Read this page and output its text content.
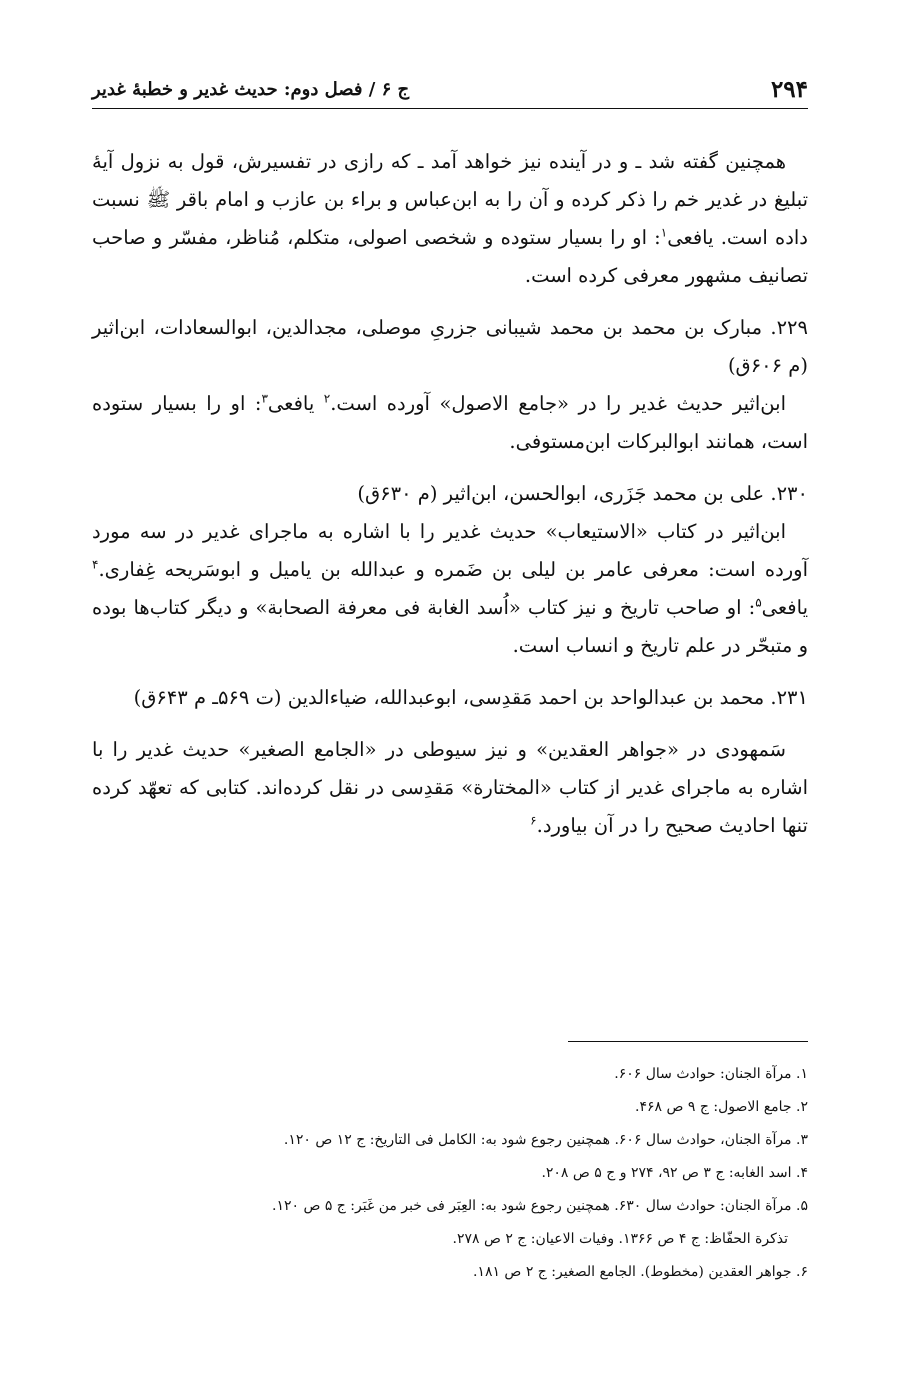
۲۹۴
ج ۶ / فصل دوم: حدیث غدیر و خطبهٔ غدیر

همچنین گفته شد ـ و در آینده نیز خواهد آمد ـ که رازی در تفسیرش، قول به نزول آیهٔ تبلیغ در غدیر خم را ذکر کرده و آن را به ابن‌عباس و براء بن عازب و امام باقر ﷺ نسبت داده است. یافعی$^۱$: او را بسیار ستوده و شخصی اصولی، متکلم، مُناظر، مفسّر و صاحب تصانیف مشهور معرفی کرده است.

۲۲۹. مبارک بن محمد بن محمد شیبانی جزریِ موصلی، مجدالدین، ابوالسعادات، ابن‌اثیر (م ۶۰۶ق)

ابن‌اثیر حدیث غدیر را در «جامع الاصول» آورده است.$^۲$ یافعی$^۳$: او را بسیار ستوده است، همانند ابوالبرکات ابن‌مستوفی.

۲۳۰. علی بن محمد جَزَری، ابوالحسن، ابن‌اثیر (م ۶۳۰ق)

ابن‌اثیر در کتاب «الاستیعاب» حدیث غدیر را با اشاره به ماجرای غدیر در سه مورد آورده است: معرفی عامر بن لیلی بن ضَمره و عبدالله بن یامیل و ابوسَریحه غِفاری.$^۴$ یافعی$^۵$: او صاحب تاریخ و نیز کتاب «اُسد الغابة فی معرفة الصحابة» و دیگر کتاب‌ها بوده و متبحّر در علم تاریخ و انساب است.

۲۳۱. محمد بن عبدالواحد بن احمد مَقدِسی، ابوعبدالله، ضیاءالدین (ت ۵۶۹ـ م ۶۴۳ق)

سَمهودی در «جواهر العقدین» و نیز سیوطی در «الجامع الصغیر» حدیث غدیر را با اشاره به ماجرای غدیر از کتاب «المختارة» مَقدِسی در نقل کرده‌اند. کتابی که تعهّد کرده تنها احادیث صحیح را در آن بیاورد.$^۶$

۱. مرآة الجنان: حوادث سال ۶۰۶.

۲. جامع الاصول: ج ۹ ص ۴۶۸.

۳. مرآة الجنان، حوادث سال ۶۰۶. همچنین رجوع شود به: الکامل فی التاریخ: ج ۱۲ ص ۱۲۰.

۴. اسد الغابه: ج ۳ ص ۹۲، ۲۷۴ و ج ۵ ص ۲۰۸.

۵. مرآة الجنان: حوادث سال ۶۳۰. همچنین رجوع شود به: العِبَر فی خبر من غَبَر: ج ۵ ص ۱۲۰.

تذکرة الحفّاظ: ج ۴ ص ۱۳۶۶. وفیات الاعیان: ج ۲ ص ۲۷۸.

۶. جواهر العقدین (مخطوط). الجامع الصغیر: ج ۲ ص ۱۸۱.
